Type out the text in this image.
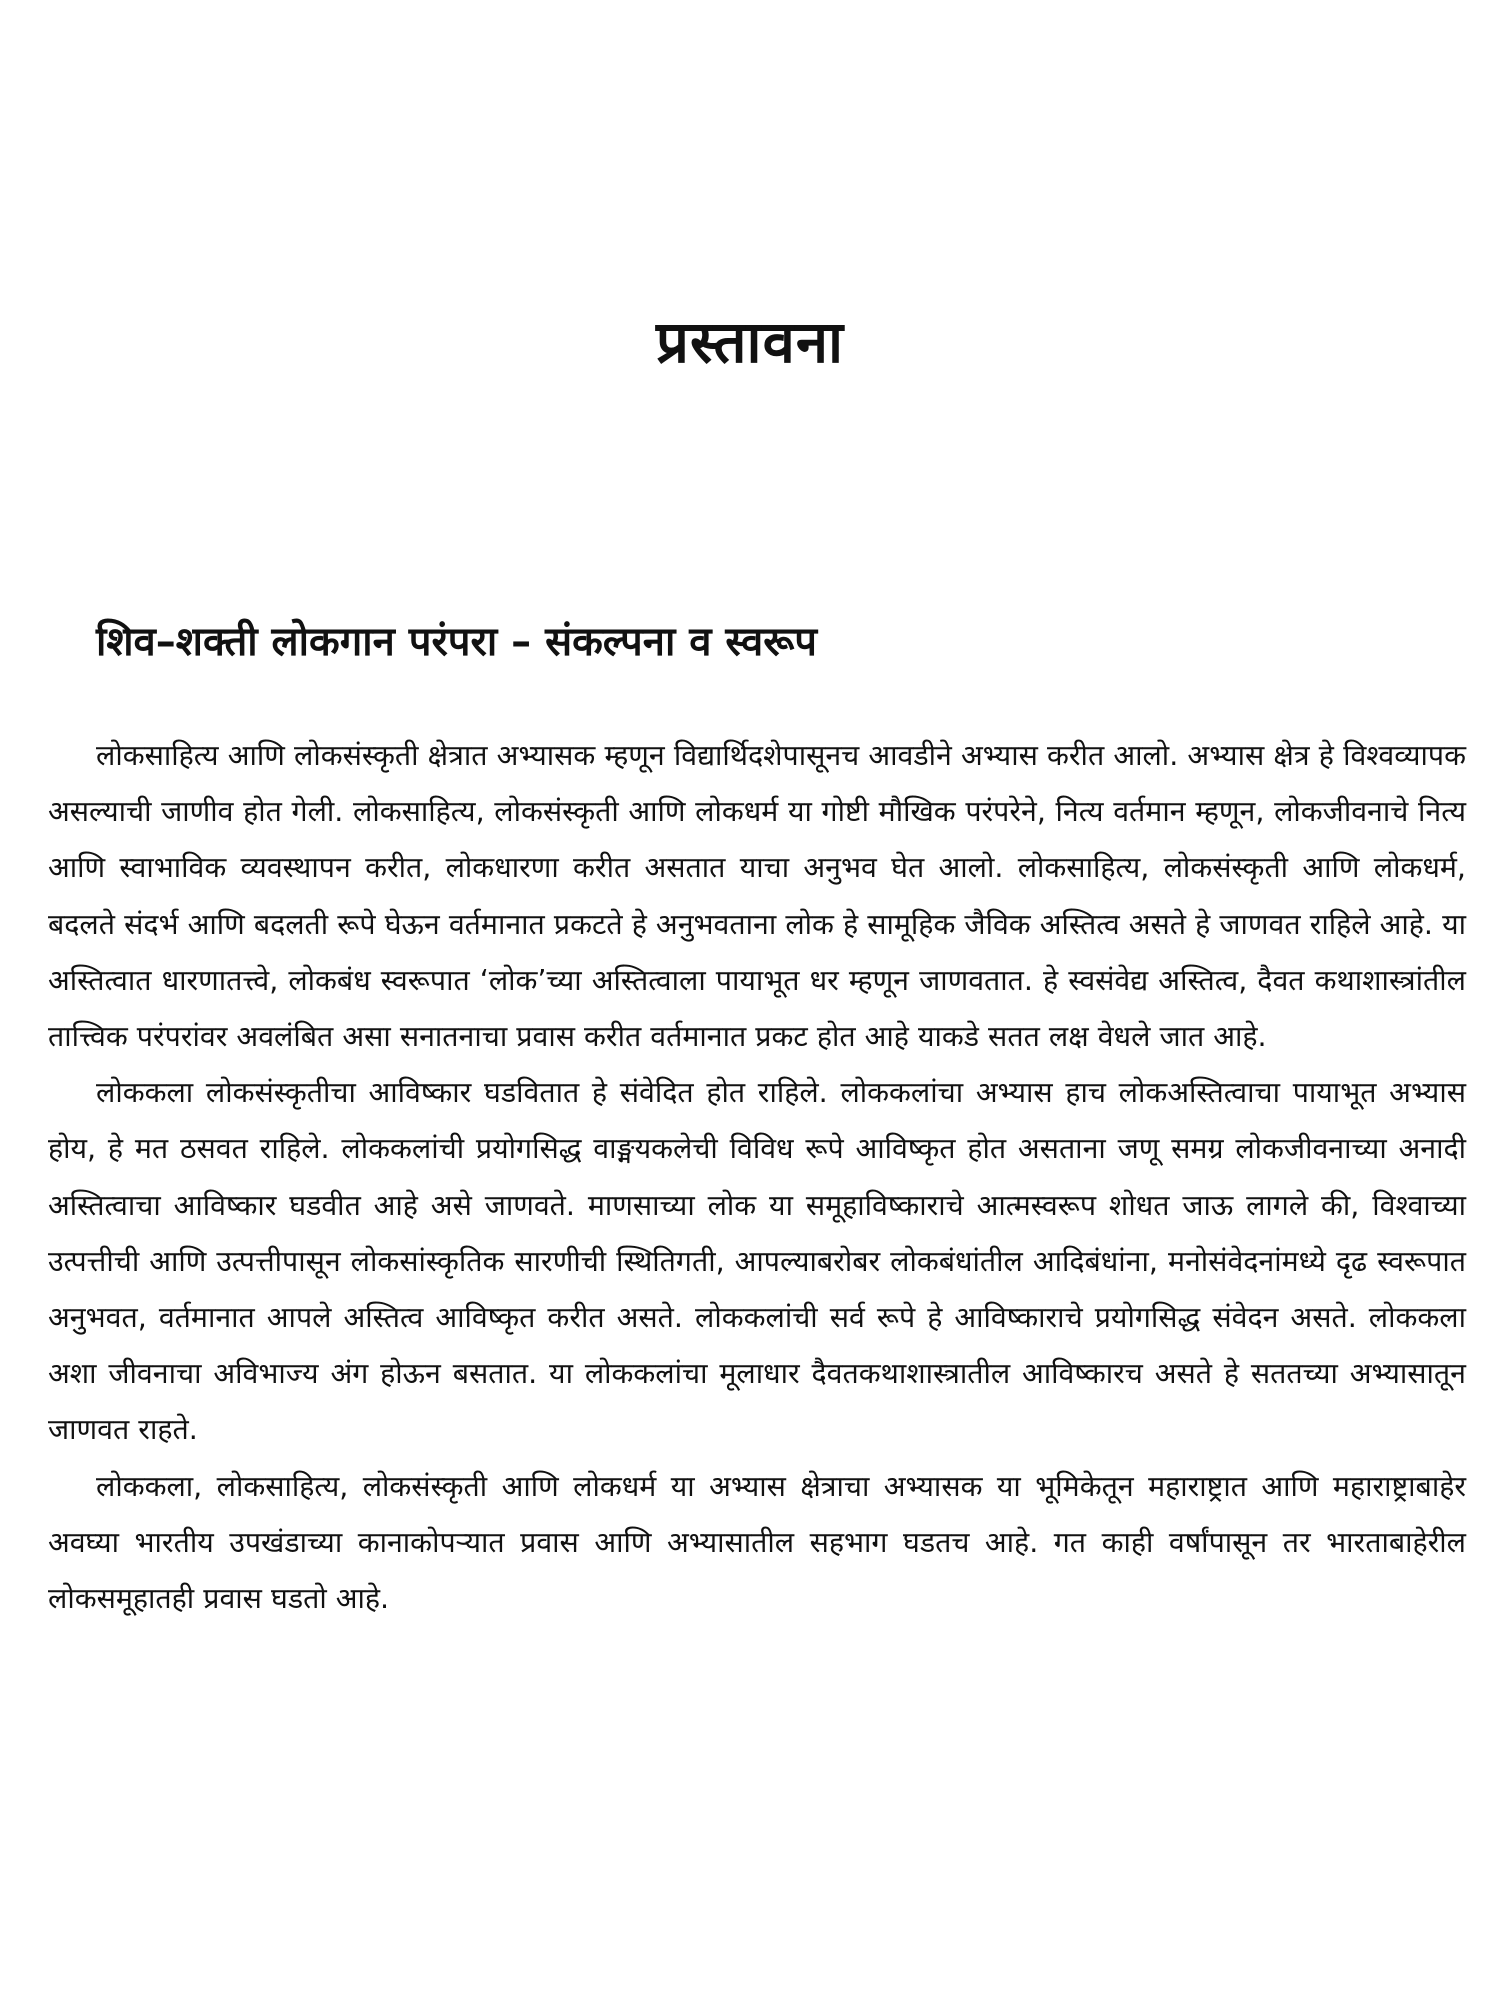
प्रस्तावना
शिव–शक्ती लोकगान परंपरा – संकल्पना व स्वरूप

लोकसाहित्य आणि लोकसंस्कृती क्षेत्रात अभ्यासक म्हणून विद्यार्थिदशेपासूनच आवडीने अभ्यास करीत आलो. अभ्यास क्षेत्र हे विश्वव्यापक असल्याची जाणीव होत गेली. लोकसाहित्य, लोकसंस्कृती आणि लोकधर्म या गोष्टी मौखिक परंपरेने, नित्य वर्तमान म्हणून, लोकजीवनाचे नित्य आणि स्वाभाविक व्यवस्थापन करीत, लोकधारणा करीत असतात याचा अनुभव घेत आलो. लोकसाहित्य, लोकसंस्कृती आणि लोकधर्म, बदलते संदर्भ आणि बदलती रूपे घेऊन वर्तमानात प्रकटते हे अनुभवताना लोक हे सामूहिक जैविक अस्तित्व असते हे जाणवत राहिले आहे. या अस्तित्वात धारणातत्त्वे, लोकबंध स्वरूपात ‘लोक’च्या अस्तित्वाला पायाभूत धर म्हणून जाणवतात. हे स्वसंवेद्य अस्तित्व, दैवत कथाशास्त्रांतील तात्त्विक परंपरांवर अवलंबित असा सनातनाचा प्रवास करीत वर्तमानात प्रकट होत आहे याकडे सतत लक्ष वेधले जात आहे.

लोककला लोकसंस्कृतीचा आविष्कार घडवितात हे संवेदित होत राहिले. लोककलांचा अभ्यास हाच लोकअस्तित्वाचा पायाभूत अभ्यास होय, हे मत ठसवत राहिले. लोककलांची प्रयोगसिद्ध वाङ्मयकलेची विविध रूपे आविष्कृत होत असताना जणू समग्र लोकजीवनाच्या अनादी अस्तित्वाचा आविष्कार घडवीत आहे असे जाणवते. माणसाच्या लोक या समूहाविष्काराचे आत्मस्वरूप शोधत जाऊ लागले की, विश्वाच्या उत्पत्तीची आणि उत्पत्तीपासून लोकसांस्कृतिक सारणीची स्थितिगती, आपल्याबरोबर लोकबंधांतील आदिबंधांना, मनोसंवेदनांमध्ये दृढ स्वरूपात अनुभवत, वर्तमानात आपले अस्तित्व आविष्कृत करीत असते. लोककलांची सर्व रूपे हे आविष्काराचे प्रयोगसिद्ध संवेदन असते. लोककला अशा जीवनाचा अविभाज्य अंग होऊन बसतात. या लोककलांचा मूलाधार दैवतकथाशास्त्रातील आविष्कारच असते हे सततच्या अभ्यासातून जाणवत राहते.

लोककला, लोकसाहित्य, लोकसंस्कृती आणि लोकधर्म या अभ्यास क्षेत्राचा अभ्यासक या भूमिकेतून महाराष्ट्रात आणि महाराष्ट्राबाहेर अवघ्या भारतीय उपखंडाच्या कानाकोपऱ्यात प्रवास आणि अभ्यासातील सहभाग घडतच आहे. गत काही वर्षांपासून तर भारताबाहेरील लोकसमूहातही प्रवास घडतो आहे.
